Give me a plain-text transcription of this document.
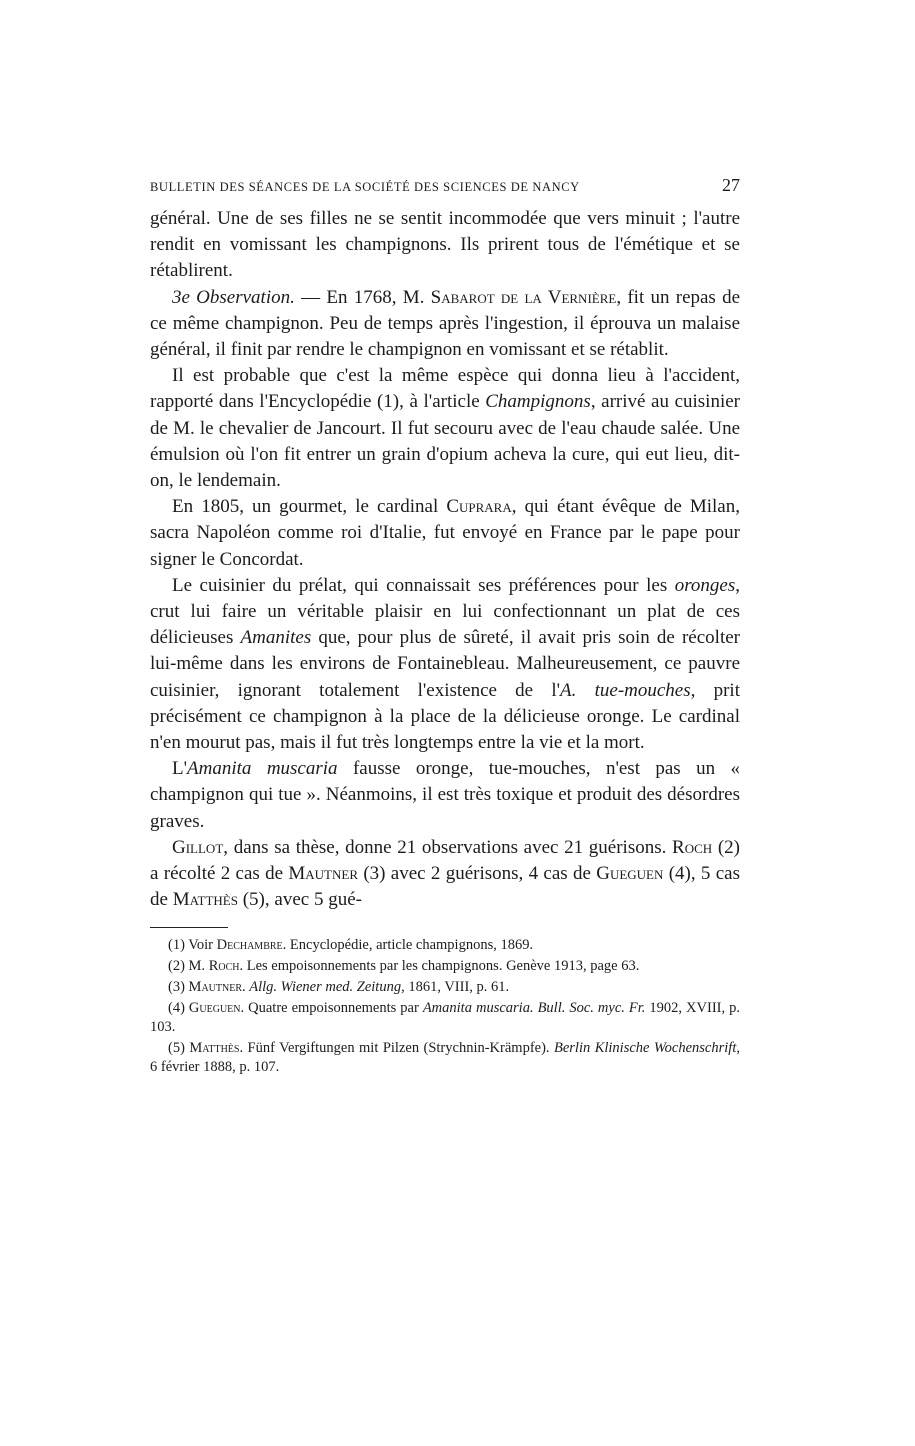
BULLETIN DES SÉANCES DE LA SOCIÉTÉ DES SCIENCES DE NANCY	27

général. Une de ses filles ne se sentit incommodée que vers minuit ; l'autre rendit en vomissant les champignons. Ils prirent tous de l'émétique et se rétablirent.

3e Observation. — En 1768, M. Sabarot de la Vernière, fit un repas de ce même champignon. Peu de temps après l'ingestion, il éprouva un malaise général, il finit par rendre le champignon en vomissant et se rétablit.

Il est probable que c'est la même espèce qui donna lieu à l'accident, rapporté dans l'Encyclopédie (1), à l'article Champignons, arrivé au cuisinier de M. le chevalier de Jancourt. Il fut secouru avec de l'eau chaude salée. Une émulsion où l'on fit entrer un grain d'opium acheva la cure, qui eut lieu, dit-on, le lendemain.

En 1805, un gourmet, le cardinal Cuprara, qui étant évêque de Milan, sacra Napoléon comme roi d'Italie, fut envoyé en France par le pape pour signer le Concordat.

Le cuisinier du prélat, qui connaissait ses préférences pour les oronges, crut lui faire un véritable plaisir en lui confectionnant un plat de ces délicieuses Amanites que, pour plus de sûreté, il avait pris soin de récolter lui-même dans les environs de Fontainebleau. Malheureusement, ce pauvre cuisinier, ignorant totalement l'existence de l'A. tue-mouches, prit précisément ce champignon à la place de la délicieuse oronge. Le cardinal n'en mourut pas, mais il fut très longtemps entre la vie et la mort.

L'Amanita muscaria fausse oronge, tue-mouches, n'est pas un « champignon qui tue ». Néanmoins, il est très toxique et produit des désordres graves.

Gillot, dans sa thèse, donne 21 observations avec 21 guérisons. Roch (2) a récolté 2 cas de Mautner (3) avec 2 guérisons, 4 cas de Gueguen (4), 5 cas de Matthès (5), avec 5 gué-

(1) Voir Dechambre. Encyclopédie, article champignons, 1869.

(2) M. Roch. Les empoisonnements par les champignons. Genève 1913, page 63.

(3) Mautner. Allg. Wiener med. Zeitung, 1861, VIII, p. 61.

(4) Gueguen. Quatre empoisonnements par Amanita muscaria. Bull. Soc. myc. Fr. 1902, XVIII, p. 103.

(5) Matthès. Fünf Vergiftungen mit Pilzen (Strychnin-Krämpfe). Berlin Klinische Wochenschrift, 6 février 1888, p. 107.
